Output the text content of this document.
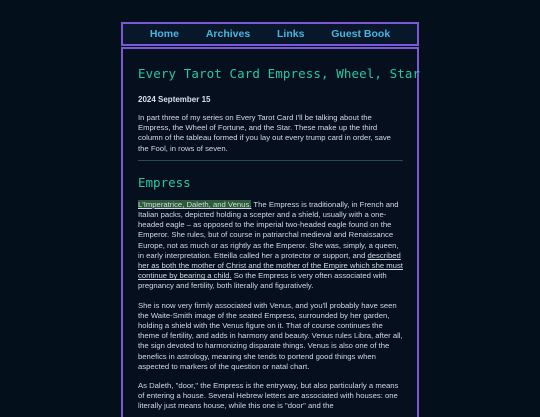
Home	Archives	Links	Guest Book
Every Tarot Card Empress, Wheel, Star
2024 September 15

In part three of my series on Every Tarot Card I'll be talking about the Empress, the Wheel of Fortune, and the Star. These make up the third column of the tableau formed if you lay out every trump card in order, save the Fool, in rows of seven.

Empress

L'Imperatrice, Daleth, and Venus. The Empress is traditionally, in French and Italian packs, depicted holding a scepter and a shield, usually with a one-headed eagle – as opposed to the imperial two-headed eagle found on the Emperor. She rules, but of course in patriarchal medieval and Renaissance Europe, not as much or as rightly as the Emperor. She was, simply, a queen, in early interpretation. Etteilla called her a protector or support, and described her as both the mother of Christ and the mother of the Empire which she must continue by bearing a child. So the Empress is very often associated with pregnancy and fertility, both literally and figuratively.

She is now very firmly associated with Venus, and you'll probably have seen the Waite-Smith image of the seated Empress, surrounded by her garden, holding a shield with the Venus figure on it. That of course continues the theme of fertility, and adds in harmony and beauty. Venus rules Libra, after all, the sign devoted to harmonizing disparate things. Venus is also one of the benefics in astrology, meaning she tends to portend good things when aspected to markers of the question or natal chart.

As Daleth, "door," the Empress is the entryway, but also particularly a means of entering a house. Several Hebrew letters are associated with houses: one literally just means house, while this one is "door" and the
